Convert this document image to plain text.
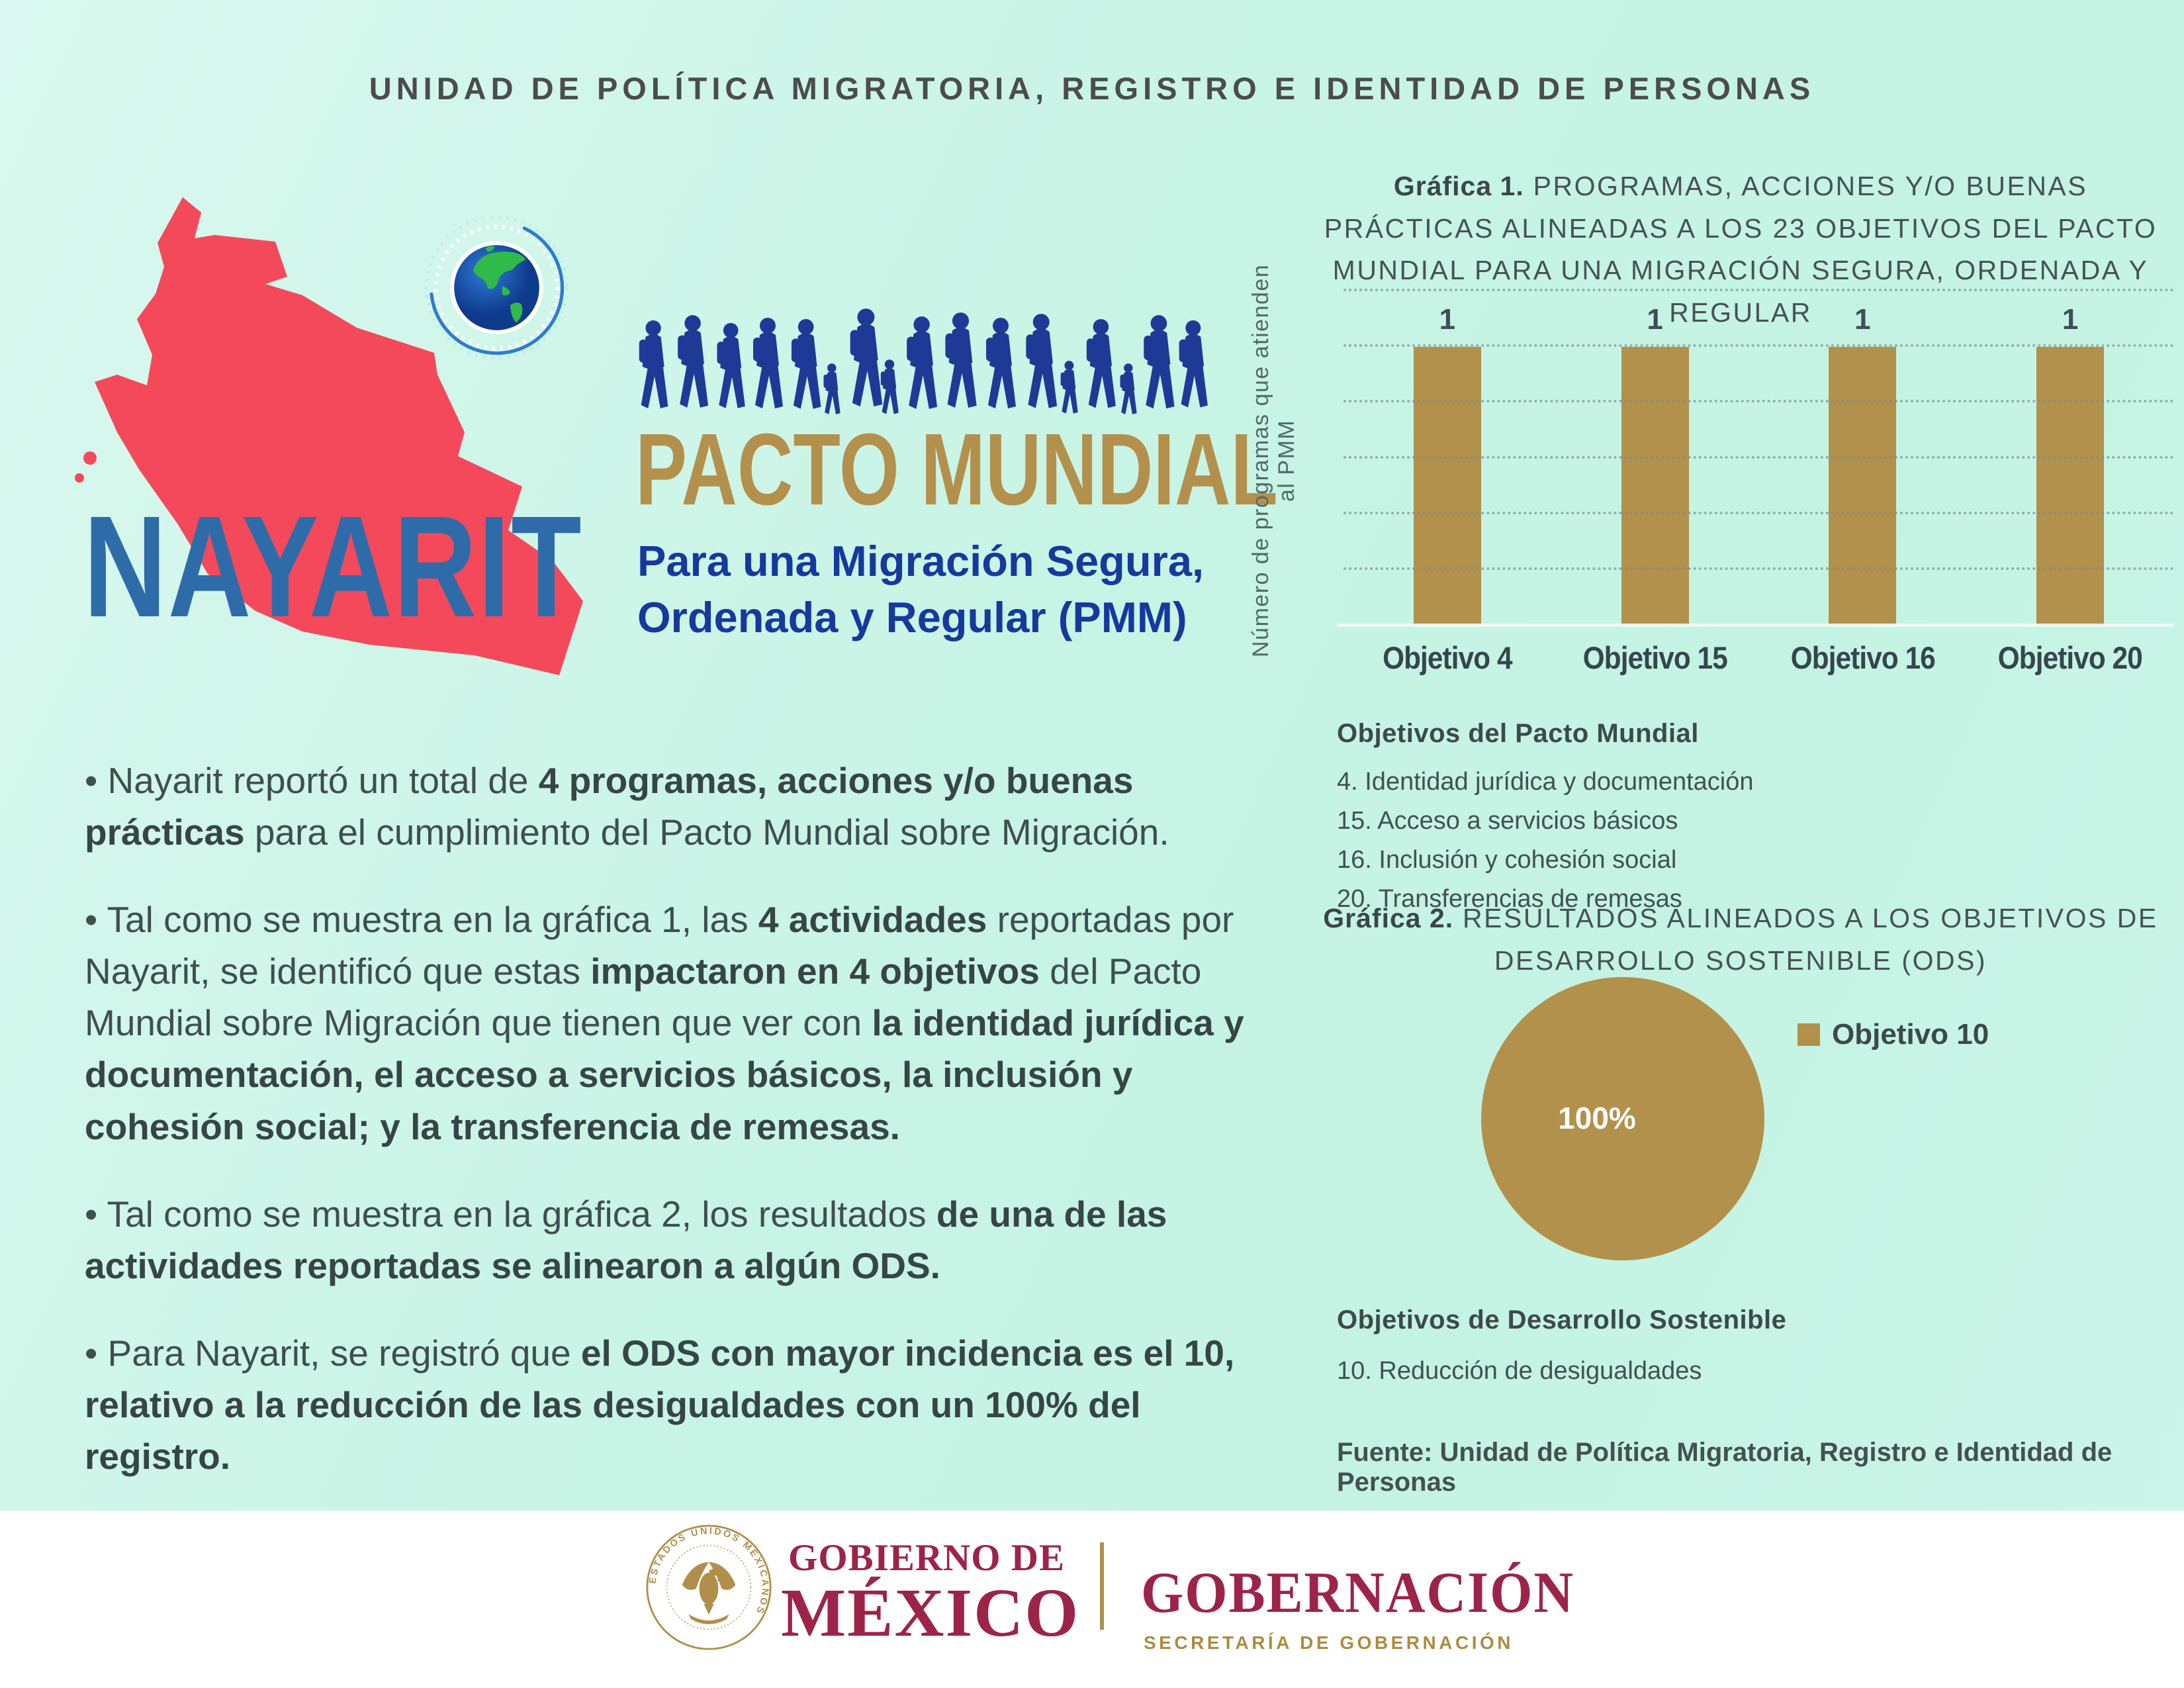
UNIDAD DE POLÍTICA MIGRATORIA, REGISTRO E IDENTIDAD DE PERSONAS
NAYARIT
PACTO MUNDIAL
Para una Migración Segura,
Ordenada y Regular (PMM)

• Nayarit reportó un total de 4 programas, acciones y/o buenas prácticas para el cumplimiento del Pacto Mundial sobre Migración.

• Tal como se muestra en la gráfica 1, las 4 actividades reportadas por Nayarit, se identificó que estas impactaron en 4 objetivos del Pacto Mundial sobre Migración que tienen que ver con la identidad jurídica y documentación, el acceso a servicios básicos, la inclusión y cohesión social; y la transferencia de remesas.

• Tal como se muestra en la gráfica 2, los resultados de una de las actividades reportadas se alinearon a algún ODS.

• Para Nayarit, se registró que el ODS con mayor incidencia es el 10, relativo a la reducción de las desigualdades con un 100% del registro.

Gráfica 1. PROGRAMAS, ACCIONES Y/O BUENAS PRÁCTICAS ALINEADAS A LOS 23 OBJETIVOS DEL PACTO MUNDIAL PARA UNA MIGRACIÓN SEGURA, ORDENADA Y REGULAR
Número de programas que atienden al PMM
1	1	1	1
Objetivo 4	Objetivo 15	Objetivo 16	Objetivo 20
Objetivos del Pacto Mundial
4. Identidad jurídica y documentación
15. Acceso a servicios básicos
16. Inclusión y cohesión social
20. Transferencias de remesas
Gráfica 2. RESULTADOS ALINEADOS A LOS OBJETIVOS DE DESARROLLO SOSTENIBLE (ODS)
100%
Objetivo 10
Objetivos de Desarrollo Sostenible
10. Reducción de desigualdades
Fuente: Unidad de Política Migratoria, Registro e Identidad de Personas
ESTADOS UNIDOS MEXICANOS
GOBIERNO DE
MÉXICO GOBERNACIÓN
SECRETARÍA DE GOBERNACIÓN
